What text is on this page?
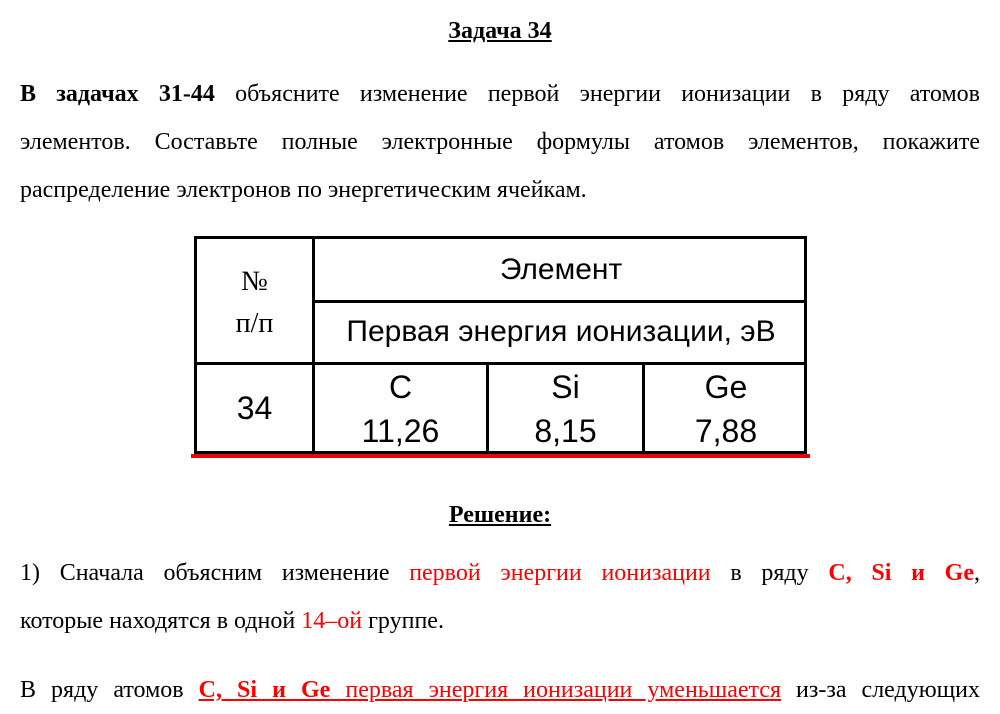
Задача 34
В задачах 31-44 объясните изменение первой энергии ионизации в ряду атомов
элементов. Составьте полные электронные формулы атомов элементов, покажите
распределение электронов по энергетическим ячейкам.
№
п/п
Элемент
Первая энергия ионизации, эВ
34
C
11,26
Si
8,15
Ge
7,88
Решение:
1) Сначала объясним изменение первой энергии ионизации в ряду C, Si и Ge,
которые находятся в одной 14–ой группе.
В ряду атомов C, Si и Ge первая энергия ионизации уменьшается из-за следующих
